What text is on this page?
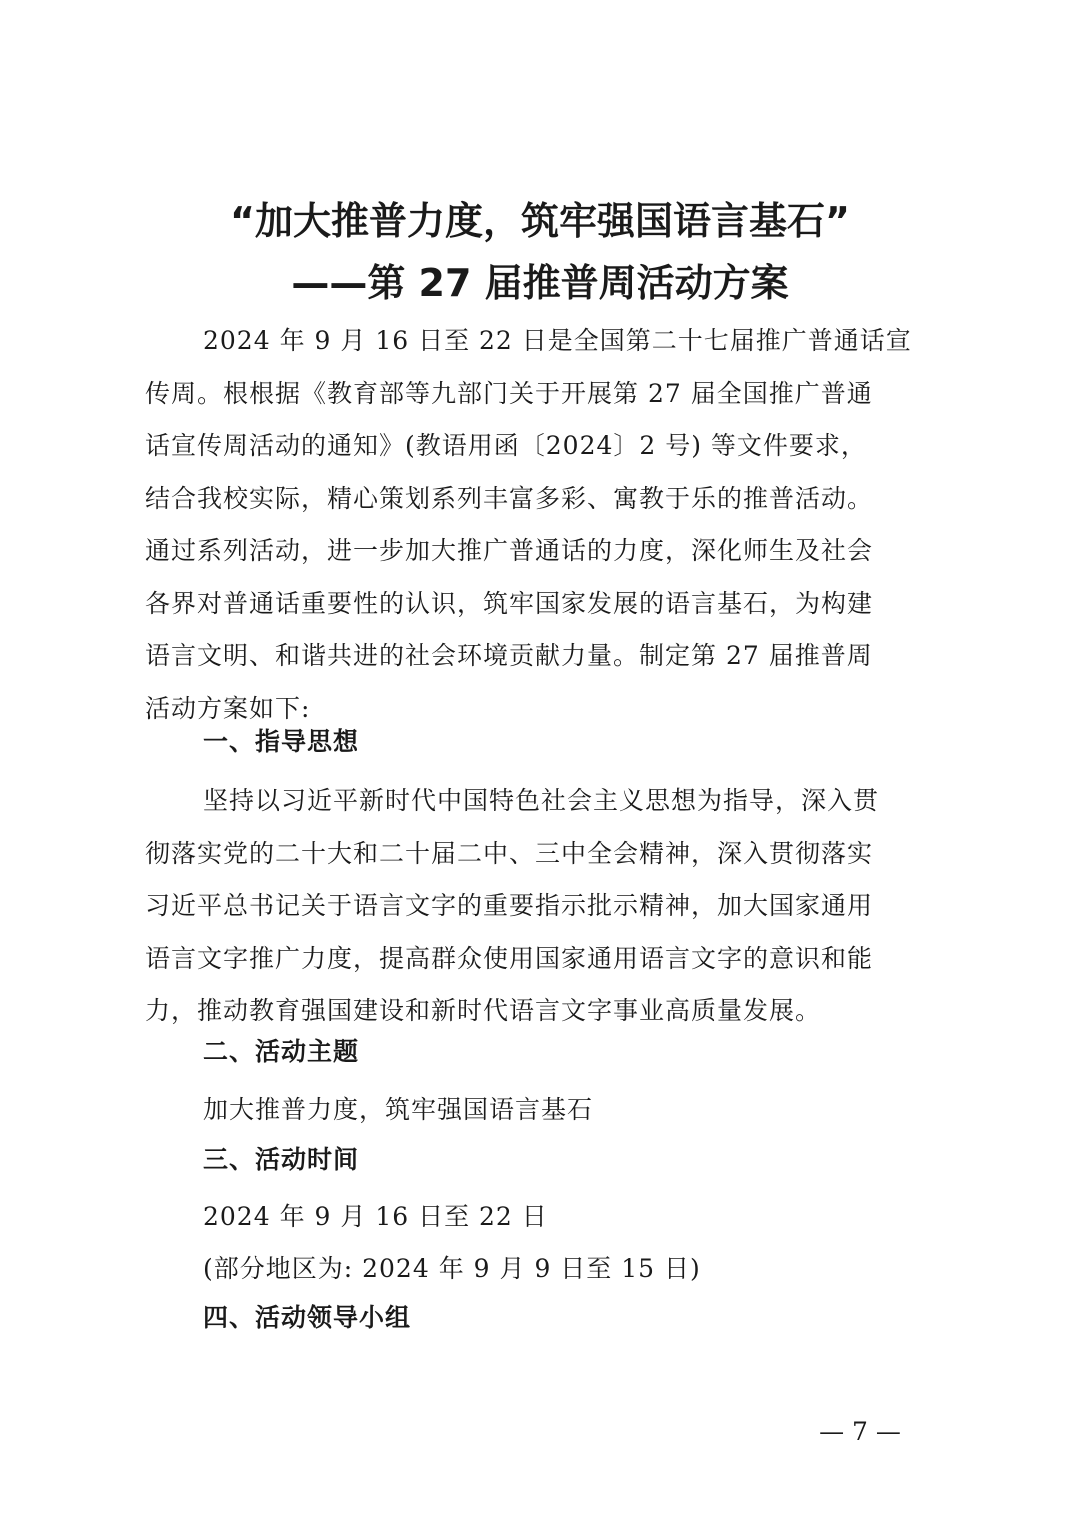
“加大推普力度，筑牢强国语言基石”
——第 27 届推普周活动方案
2024 年 9 月 16 日至 22 日是全国第二十七届推广普通话宣
传周。根根据《教育部等九部门关于开展第 27 届全国推广普通
话宣传周活动的通知》(教语用函〔2024〕2 号) 等文件要求，
结合我校实际，精心策划系列丰富多彩、寓教于乐的推普活动。
通过系列活动，进一步加大推广普通话的力度，深化师生及社会
各界对普通话重要性的认识，筑牢国家发展的语言基石，为构建
语言文明、和谐共进的社会环境贡献力量。制定第 27 届推普周
活动方案如下:
一、指导思想
坚持以习近平新时代中国特色社会主义思想为指导，深入贯
彻落实党的二十大和二十届二中、三中全会精神，深入贯彻落实
习近平总书记关于语言文字的重要指示批示精神，加大国家通用
语言文字推广力度，提高群众使用国家通用语言文字的意识和能
力，推动教育强国建设和新时代语言文字事业高质量发展。
二、活动主题
加大推普力度，筑牢强国语言基石
三、活动时间
2024 年 9 月 16 日至 22 日
(部分地区为: 2024 年 9 月 9 日至 15 日)
四、活动领导小组
— 7 —
